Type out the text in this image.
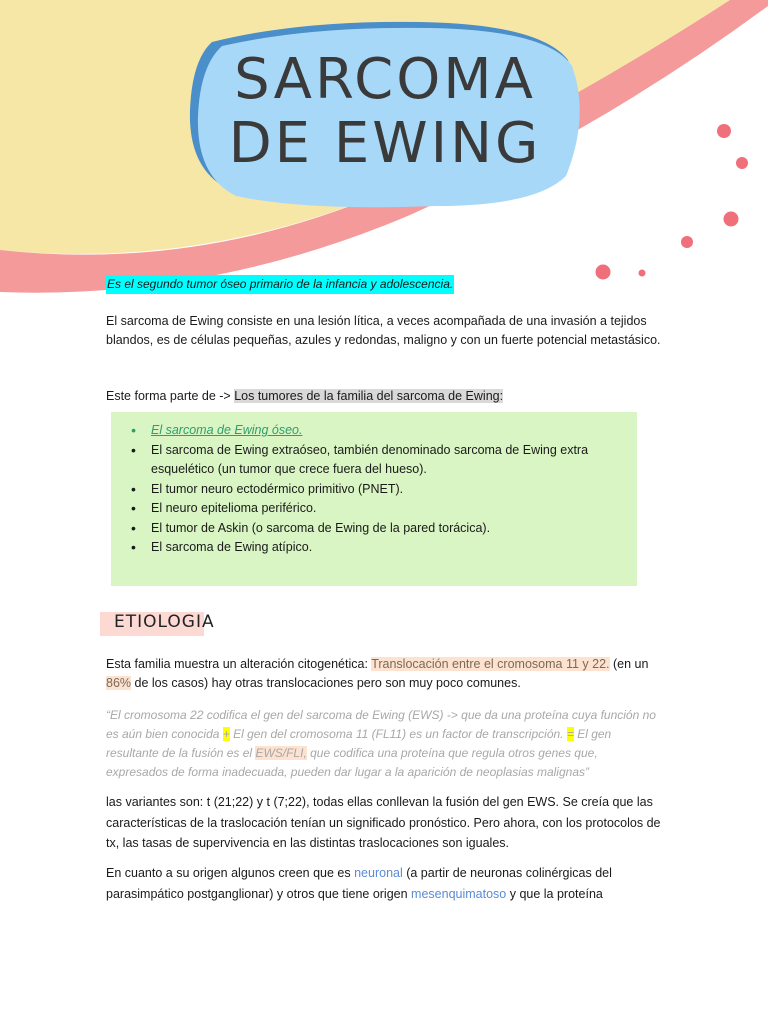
SARCOMA
DE EWING
Es el segundo tumor óseo primario de la infancia y adolescencia.

El sarcoma de Ewing consiste en una lesión lítica, a veces acompañada de una invasión a tejidos blandos, es de células pequeñas, azules y redondas, maligno y con un fuerte potencial metastásico.

Este forma parte de -> Los tumores de la familia del sarcoma de Ewing:

• El sarcoma de Ewing óseo.
• El sarcoma de Ewing extraóseo, también denominado sarcoma de Ewing extra esquelético (un tumor que crece fuera del hueso).
• El tumor neuro ectodérmico primitivo (PNET).
• El neuro epitelioma periférico.
• El tumor de Askin (o sarcoma de Ewing de la pared torácica).
• El sarcoma de Ewing atípico.
ETIOLOGIA

Esta familia muestra un alteración citogenética: Translocación entre el cromosoma 11 y 22. (en un 86% de los casos) hay otras translocaciones pero son muy poco comunes.

“El cromosoma 22 codifica el gen del sarcoma de Ewing (EWS) -> que da una proteína cuya función no es aún bien conocida + El gen del cromosoma 11 (FL11) es un factor de transcripción. = El gen resultante de la fusión es el EWS/FLI, que codifica una proteína que regula otros genes que, expresados de forma inadecuada, pueden dar lugar a la aparición de neoplasias malignas”

las variantes son: t (21;22) y t (7;22), todas ellas conllevan la fusión del gen EWS. Se creía que las características de la traslocación tenían un significado pronóstico. Pero ahora, con los protocolos de tx, las tasas de supervivencia en las distintas traslocaciones son iguales.

En cuanto a su origen algunos creen que es neuronal (a partir de neuronas colinérgicas del parasimpático postganglionar) y otros que tiene origen mesenquimatoso y que la proteína
